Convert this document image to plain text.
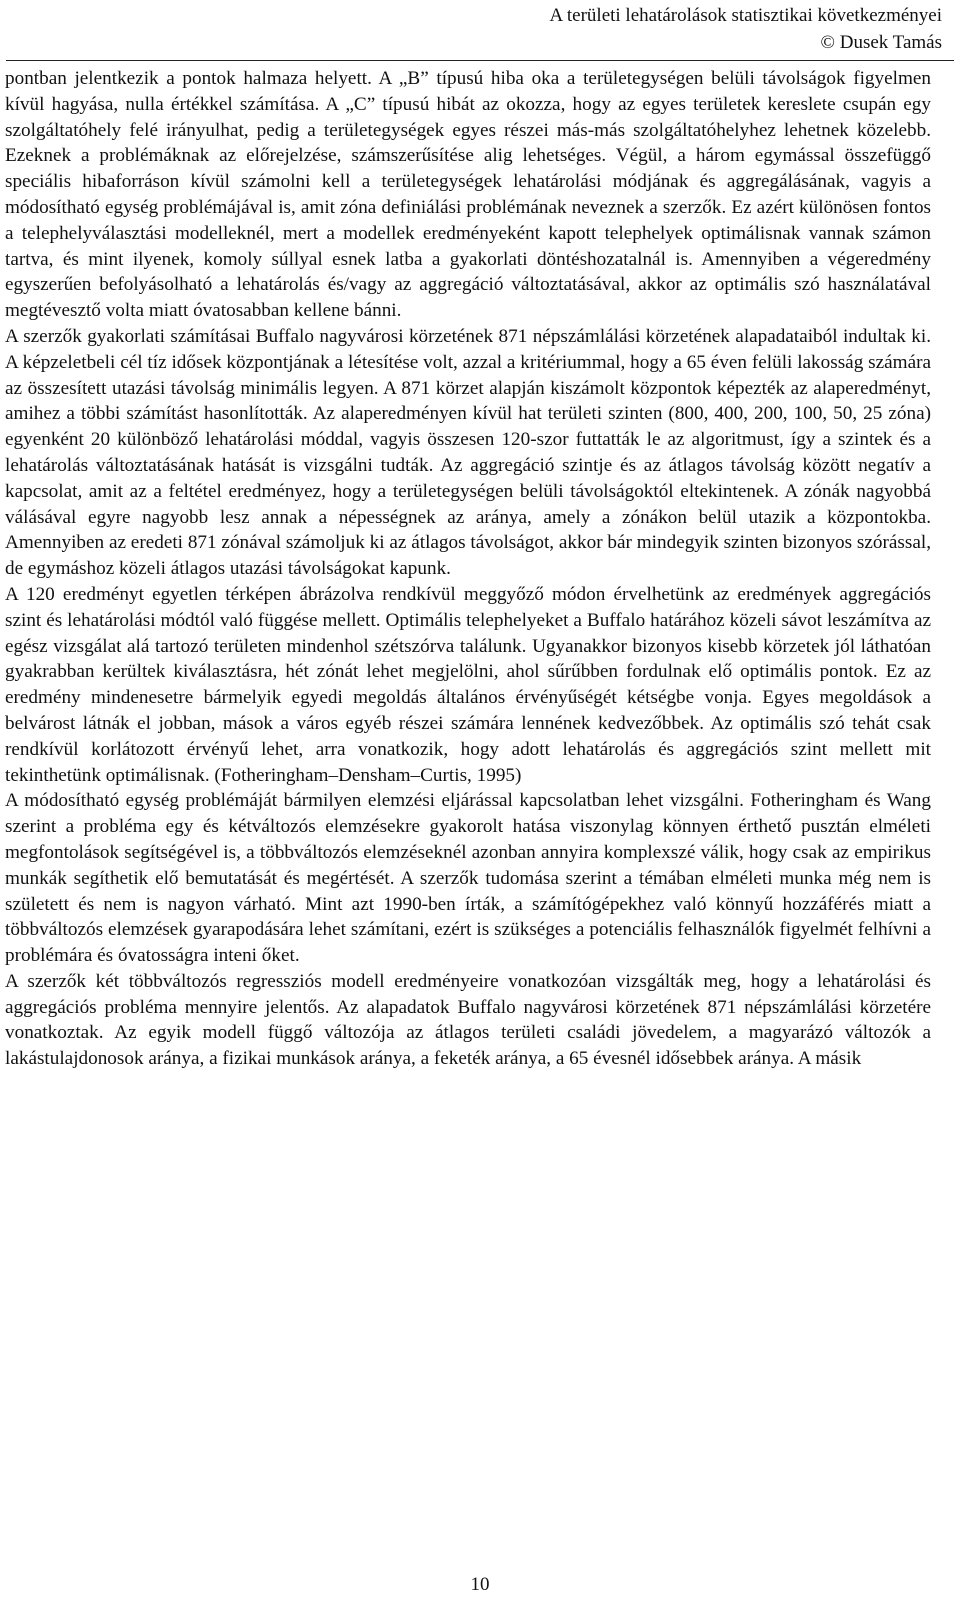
A területi lehatárolások statisztikai következményei
© Dusek Tamás

pontban jelentkezik a pontok halmaza helyett. A „B” típusú hiba oka a területegységen belüli távolságok figyelmen kívül hagyása, nulla értékkel számítása. A „C” típusú hibát az okozza, hogy az egyes területek kereslete csupán egy szolgáltatóhely felé irányulhat, pedig a területegységek egyes részei más-más szolgáltatóhelyhez lehetnek közelebb. Ezeknek a problémáknak az előrejelzése, számszerűsítése alig lehetséges. Végül, a három egymással összefüggő speciális hibaforráson kívül számolni kell a területegységek lehatárolási módjának és aggregálásának, vagyis a módosítható egység problémájával is, amit zóna definiálási problémának neveznek a szerzők. Ez azért különösen fontos a telephelyválasztási modelleknél, mert a modellek eredményeként kapott telephelyek optimálisnak vannak számon tartva, és mint ilyenek, komoly súllyal esnek latba a gyakorlati döntéshozatalnál is. Amennyiben a végeredmény egyszerűen befolyásolható a lehatárolás és/vagy az aggregáció változtatásával, akkor az optimális szó használatával megtévesztő volta miatt óvatosabban kellene bánni.

A szerzők gyakorlati számításai Buffalo nagyvárosi körzetének 871 népszámlálási körzetének alapadataiból indultak ki. A képzeletbeli cél tíz idősek központjának a létesítése volt, azzal a kritériummal, hogy a 65 éven felüli lakosság számára az összesített utazási távolság minimális legyen. A 871 körzet alapján kiszámolt központok képezték az alaperedményt, amihez a többi számítást hasonlították. Az alaperedményen kívül hat területi szinten (800, 400, 200, 100, 50, 25 zóna) egyenként 20 különböző lehatárolási móddal, vagyis összesen 120-szor futtatták le az algoritmust, így a szintek és a lehatárolás változtatásának hatását is vizsgálni tudták. Az aggregáció szintje és az átlagos távolság között negatív a kapcsolat, amit az a feltétel eredményez, hogy a területegységen belüli távolságoktól eltekintenek. A zónák nagyobbá válásával egyre nagyobb lesz annak a népességnek az aránya, amely a zónákon belül utazik a központokba. Amennyiben az eredeti 871 zónával számoljuk ki az átlagos távolságot, akkor bár mindegyik szinten bizonyos szórással, de egymáshoz közeli átlagos utazási távolságokat kapunk.

A 120 eredményt egyetlen térképen ábrázolva rendkívül meggyőző módon érvelhetünk az eredmények aggregációs szint és lehatárolási módtól való függése mellett. Optimális telephelyeket a Buffalo határához közeli sávot leszámítva az egész vizsgálat alá tartozó területen mindenhol szétszórva találunk. Ugyanakkor bizonyos kisebb körzetek jól láthatóan gyakrabban kerültek kiválasztásra, hét zónát lehet megjelölni, ahol sűrűbben fordulnak elő optimális pontok. Ez az eredmény mindenesetre bármelyik egyedi megoldás általános érvényűségét kétségbe vonja. Egyes megoldások a belvárost látnák el jobban, mások a város egyéb részei számára lennének kedvezőbbek. Az optimális szó tehát csak rendkívül korlátozott érvényű lehet, arra vonatkozik, hogy adott lehatárolás és aggregációs szint mellett mit tekinthetünk optimálisnak. (Fotheringham–Densham–Curtis, 1995)

A módosítható egység problémáját bármilyen elemzési eljárással kapcsolatban lehet vizsgálni. Fotheringham és Wang szerint a probléma egy és kétváltozós elemzésekre gyakorolt hatása viszonylag könnyen érthető pusztán elméleti megfontolások segítségével is, a többváltozós elemzéseknél azonban annyira komplexszé válik, hogy csak az empirikus munkák segíthetik elő bemutatását és megértését. A szerzők tudomása szerint a témában elméleti munka még nem is született és nem is nagyon várható. Mint azt 1990-ben írták, a számítógépekhez való könnyű hozzáférés miatt a többváltozós elemzések gyarapodására lehet számítani, ezért is szükséges a potenciális felhasználók figyelmét felhívni a problémára és óvatosságra inteni őket.

A szerzők két többváltozós regressziós modell eredményeire vonatkozóan vizsgálták meg, hogy a lehatárolási és aggregációs probléma mennyire jelentős. Az alapadatok Buffalo nagyvárosi körzetének 871 népszámlálási körzetére vonatkoztak. Az egyik modell függő változója az átlagos területi családi jövedelem, a magyarázó változók a lakástulajdonosok aránya, a fizikai munkások aránya, a feketék aránya, a 65 évesnél idősebbek aránya. A másik

10
